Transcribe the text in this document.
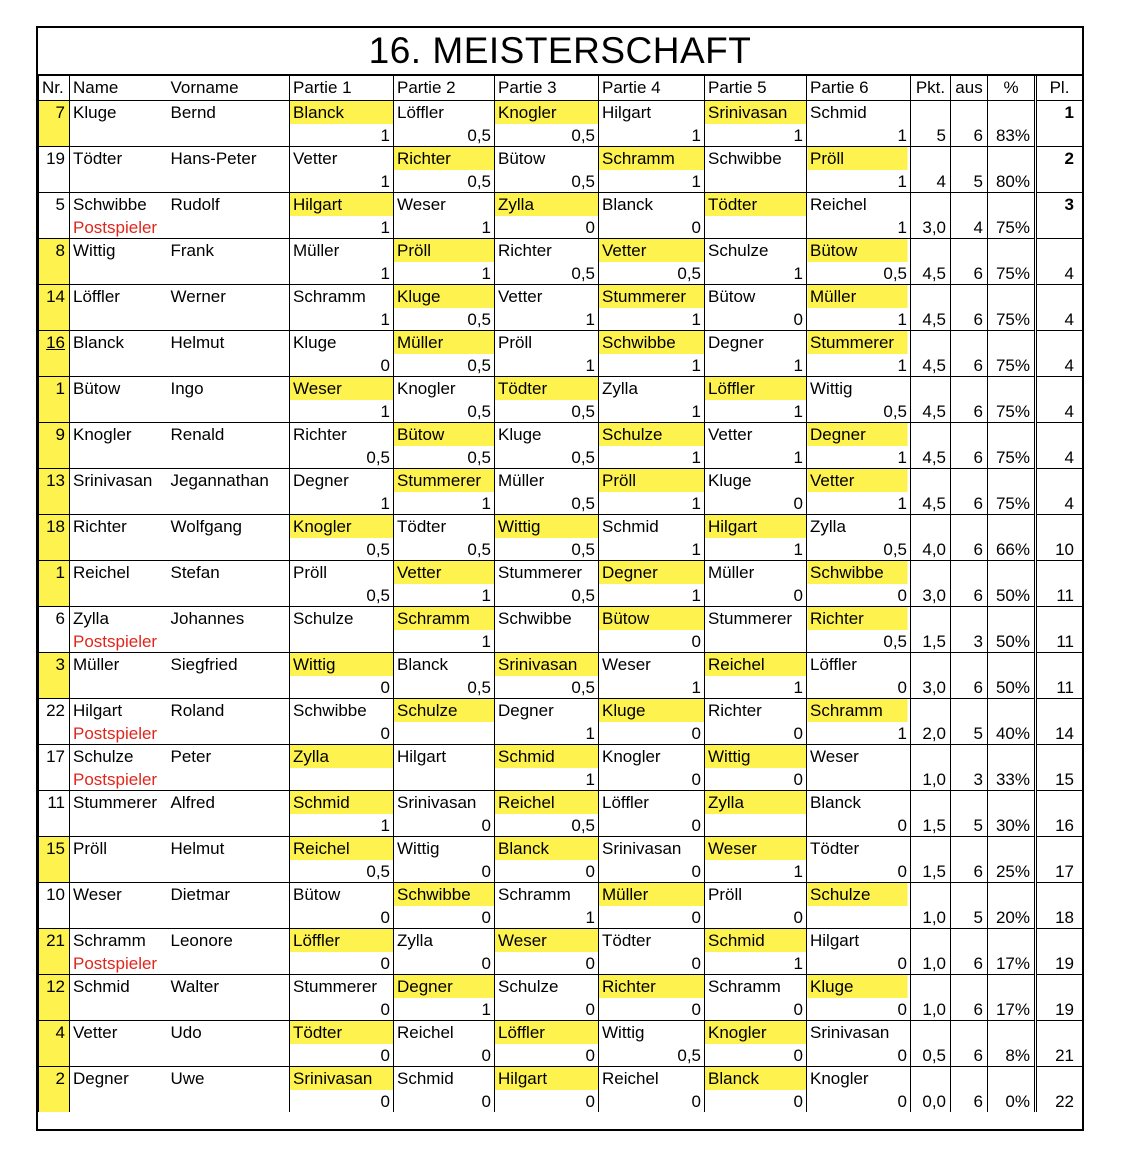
16. MEISTERSCHAFT
Nr.	Name	Vorname	Partie 1	Partie 2	Partie 3	Partie 4	Partie 5	Partie 6	Pkt.	aus	%	Pl.
7	Kluge	Bernd	Blanck	Löffler	Knogler	Hilgart	Srinivasan	Schmid				1
			1	0,5	0,5	1	1	1	5	6	83%	
19	Tödter	Hans-Peter	Vetter	Richter	Bütow	Schramm	Schwibbe	Pröll				2
			1	0,5	0,5	1		1	4	5	80%	
5	Schwibbe	Rudolf	Hilgart	Weser	Zylla	Blanck	Tödter	Reichel				3
	Postspieler		1	1	0	0		1	3,0	4	75%	
8	Wittig	Frank	Müller	Pröll	Richter	Vetter	Schulze	Bütow				
			1	1	0,5	0,5	1	0,5	4,5	6	75%	4
14	Löffler	Werner	Schramm	Kluge	Vetter	Stummerer	Bütow	Müller				
			1	0,5	1	1	0	1	4,5	6	75%	4
16	Blanck	Helmut	Kluge	Müller	Pröll	Schwibbe	Degner	Stummerer				
			0	0,5	1	1	1	1	4,5	6	75%	4
1	Bütow	Ingo	Weser	Knogler	Tödter	Zylla	Löffler	Wittig				
			1	0,5	0,5	1	1	0,5	4,5	6	75%	4
9	Knogler	Renald	Richter	Bütow	Kluge	Schulze	Vetter	Degner				
			0,5	0,5	0,5	1	1	1	4,5	6	75%	4
13	Srinivasan	Jegannathan	Degner	Stummerer	Müller	Pröll	Kluge	Vetter				
			1	1	0,5	1	0	1	4,5	6	75%	4
18	Richter	Wolfgang	Knogler	Tödter	Wittig	Schmid	Hilgart	Zylla				
			0,5	0,5	0,5	1	1	0,5	4,0	6	66%	10
1	Reichel	Stefan	Pröll	Vetter	Stummerer	Degner	Müller	Schwibbe				
			0,5	1	0,5	1	0	0	3,0	6	50%	11
6	Zylla	Johannes	Schulze	Schramm	Schwibbe	Bütow	Stummerer	Richter				
	Postspieler			1		0		0,5	1,5	3	50%	11
3	Müller	Siegfried	Wittig	Blanck	Srinivasan	Weser	Reichel	Löffler				
			0	0,5	0,5	1	1	0	3,0	6	50%	11
22	Hilgart	Roland	Schwibbe	Schulze	Degner	Kluge	Richter	Schramm				
	Postspieler		0		1	0	0	1	2,0	5	40%	14
17	Schulze	Peter	Zylla	Hilgart	Schmid	Knogler	Wittig	Weser				
	Postspieler				1	0	0		1,0	3	33%	15
11	Stummerer	Alfred	Schmid	Srinivasan	Reichel	Löffler	Zylla	Blanck				
			1	0	0,5	0		0	1,5	5	30%	16
15	Pröll	Helmut	Reichel	Wittig	Blanck	Srinivasan	Weser	Tödter				
			0,5	0	0	0	1	0	1,5	6	25%	17
10	Weser	Dietmar	Bütow	Schwibbe	Schramm	Müller	Pröll	Schulze				
			0	0	1	0	0		1,0	5	20%	18
21	Schramm	Leonore	Löffler	Zylla	Weser	Tödter	Schmid	Hilgart				
	Postspieler		0	0	0	0	1	0	1,0	6	17%	19
12	Schmid	Walter	Stummerer	Degner	Schulze	Richter	Schramm	Kluge				
			0	1	0	0	0	0	1,0	6	17%	19
4	Vetter	Udo	Tödter	Reichel	Löffler	Wittig	Knogler	Srinivasan				
			0	0	0	0,5	0	0	0,5	6	8%	21
2	Degner	Uwe	Srinivasan	Schmid	Hilgart	Reichel	Blanck	Knogler				
			0	0	0	0	0	0	0,0	6	0%	22
